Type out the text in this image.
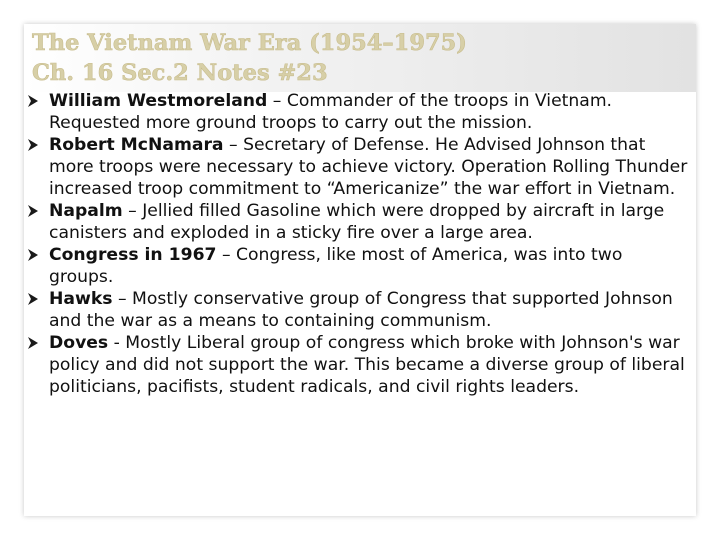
The Vietnam War Era (1954–1975)
Ch. 16 Sec.2 Notes #23
William Westmoreland – Commander of the troops in Vietnam. Requested more ground troops to carry out the mission.
Robert McNamara – Secretary of Defense. He Advised Johnson that more troops were necessary to achieve victory. Operation Rolling Thunder increased troop commitment to “Americanize” the war effort in Vietnam.
Napalm – Jellied filled Gasoline which were dropped by aircraft in large canisters and exploded in a sticky fire over a large area.
Congress in 1967 – Congress, like most of America, was into two groups.
Hawks – Mostly conservative group of Congress that supported Johnson and the war as a means to containing communism.
Doves - Mostly Liberal group of congress which broke with Johnson's war policy and did not support the war. This became a diverse group of liberal politicians, pacifists, student radicals, and civil rights leaders.
